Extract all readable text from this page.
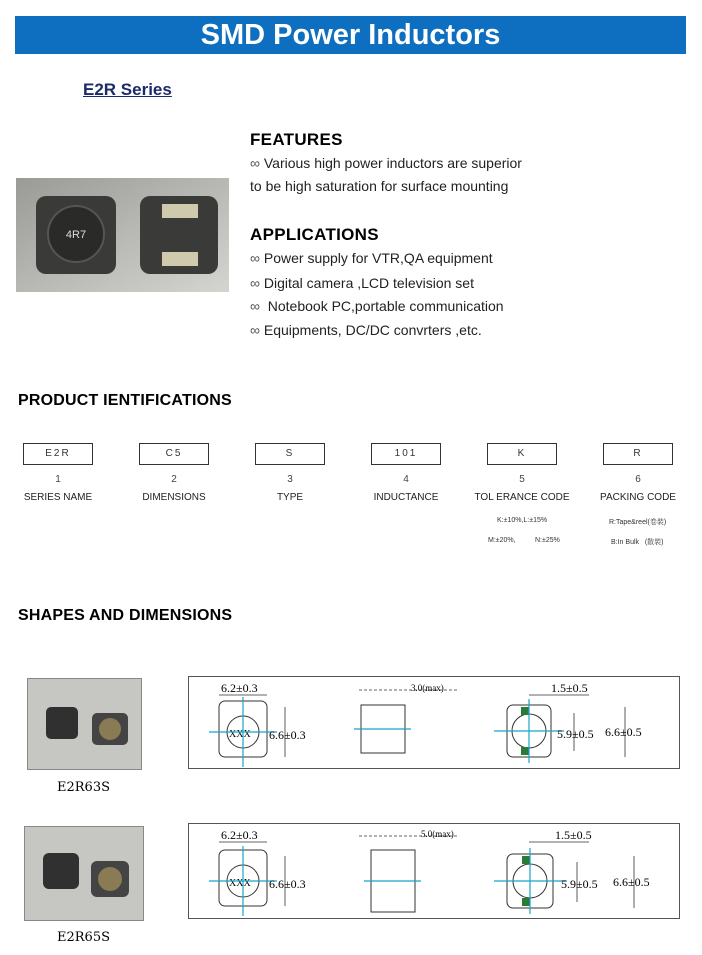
SMD Power Inductors
E2R Series
4R7
FEATURES
∞ Various high power inductors are superior
to be high saturation for surface mounting
APPLICATIONS
∞ Power supply for VTR,QA equipment
∞ Digital camera ,LCD television set
∞  Notebook PC,portable communication
∞ Equipments, DC/DC convrters ,etc.
PRODUCT IENTIFICATIONS
E2R	C5	S	101	K	R
1	2	3	4	5	6
SERIES NAME	DIMENSIONS	TYPE	INDUCTANCE	TOL ERANCE CODE	PACKING CODE
K:±10%,L:±15%
M:±20%,	N:±25%
R:Tape&reel(卷裝)
B:In Bulk   (散裝)
SHAPES AND DIMENSIONS
E2R63S
6.2±0.3
XXX 6.6±0.3
3.0(max)	1.5±0.5
5.9±0.5 6.6±0.5
E2R65S
6.2±0.3
XXX 6.6±0.3
5.0(max)	1.5±0.5
5.9±0.5 6.6±0.5
